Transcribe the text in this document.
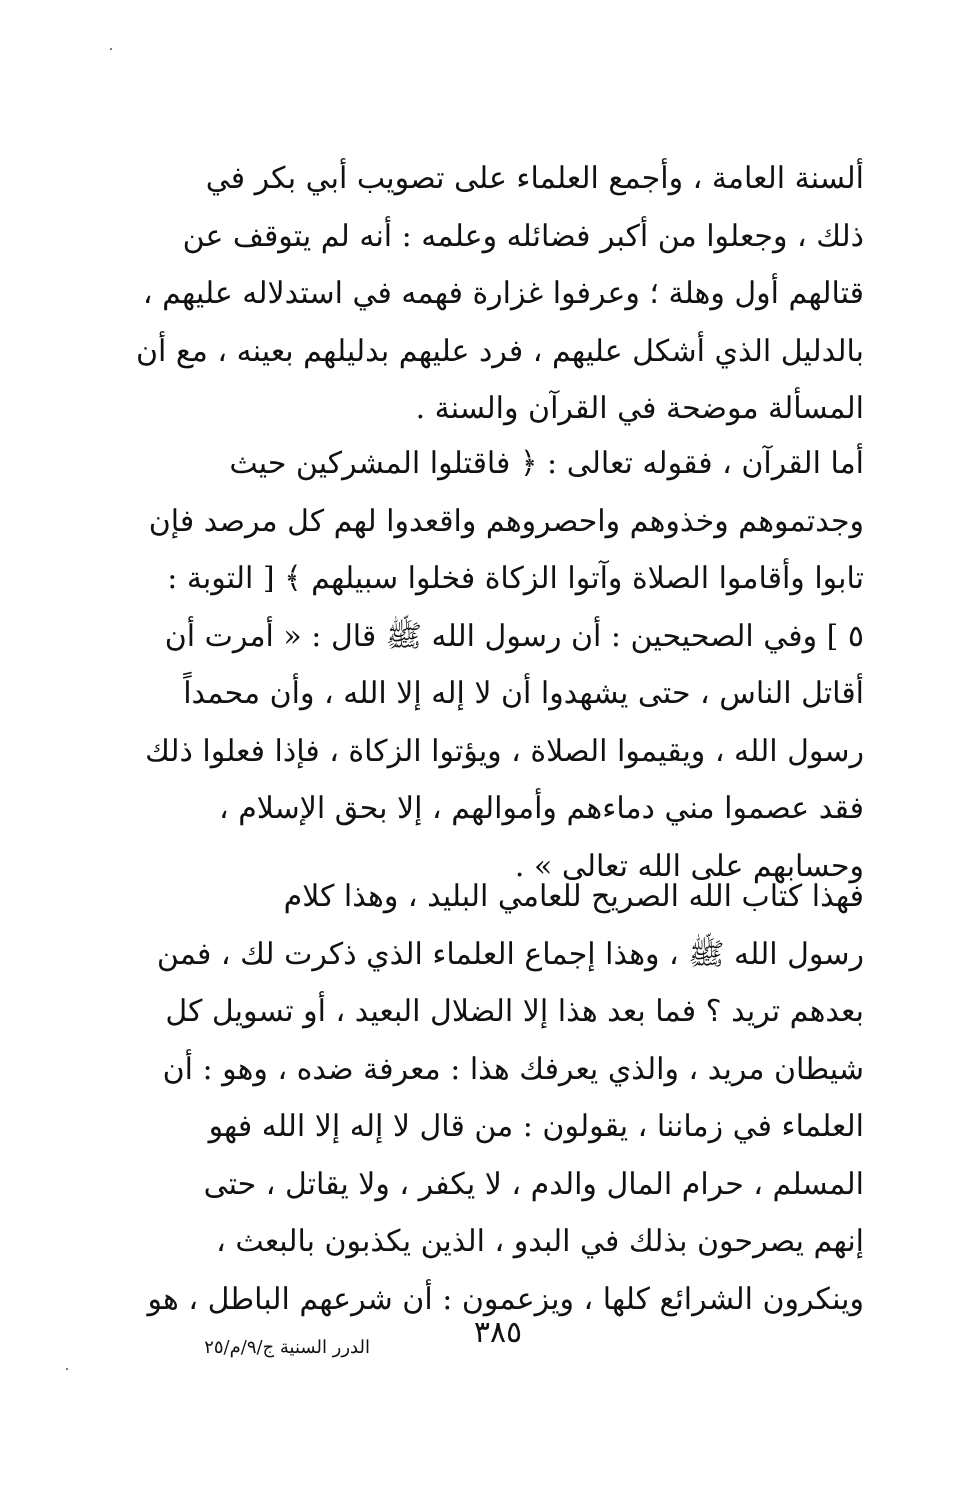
ألسنة العامة ، وأجمع العلماء على تصويب أبي بكر في
ذلك ، وجعلوا من أكبر فضائله وعلمه : أنه لم يتوقف عن
قتالهم أول وهلة ؛ وعرفوا غزارة فهمه في استدلاله عليهم ،
بالدليل الذي أشكل عليهم ، فرد عليهم بدليلهم بعينه ، مع أن
المسألة موضحة في القرآن والسنة .
أما القرآن ، فقوله تعالى : ﴿ فاقتلوا المشركين حيث
وجدتموهم وخذوهم واحصروهم واقعدوا لهم كل مرصد فإن
تابوا وأقاموا الصلاة وآتوا الزكاة فخلوا سبيلهم ﴾ [ التوبة :
٥ ] وفي الصحيحين : أن رسول الله ﷺ قال : « أمرت أن
أقاتل الناس ، حتى يشهدوا أن لا إله إلا الله ، وأن محمداً
رسول الله ، ويقيموا الصلاة ، ويؤتوا الزكاة ، فإذا فعلوا ذلك
فقد عصموا مني دماءهم وأموالهم ، إلا بحق الإسلام ،
وحسابهم على الله تعالى » .
فهذا كتاب الله الصريح للعامي البليد ، وهذا كلام
رسول الله ﷺ ، وهذا إجماع العلماء الذي ذكرت لك ، فمن
بعدهم تريد ؟ فما بعد هذا إلا الضلال البعيد ، أو تسويل كل
شيطان مريد ، والذي يعرفك هذا : معرفة ضده ، وهو : أن
العلماء في زماننا ، يقولون : من قال لا إله إلا الله فهو
المسلم ، حرام المال والدم ، لا يكفر ، ولا يقاتل ، حتى
إنهم يصرحون بذلك في البدو ، الذين يكذبون بالبعث ،
وينكرون الشرائع كلها ، ويزعمون : أن شرعهم الباطل ، هو
٣٨٥
الدرر السنية ج/٩/م/٢٥
